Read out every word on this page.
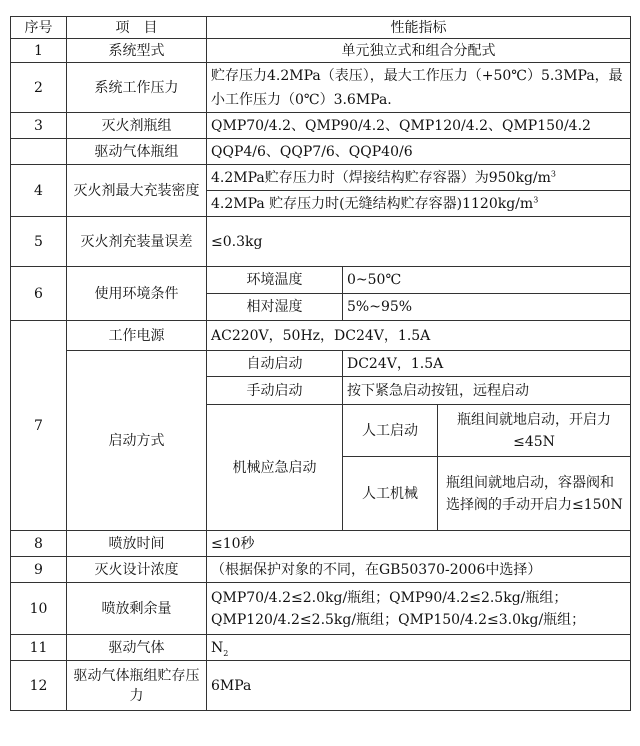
序号	项　目	性能指标		
1	系统型式	单元独立式和组合分配式		
2	系统工作压力	贮存压力4.2MPa（表压），最大工作压力（+50℃）5.3MPa，最小工作压力（0℃）3.6MPa.		
3	灭火剂瓶组	QMP70/4.2、QMP90/4.2、QMP120/4.2、QMP150/4.2		
	驱动气体瓶组	QQP4/6、QQP7/6、QQP40/6		
4	灭火剂最大充装密度	4.2MPa贮存压力时（焊接结构贮存容器）为$950kg/m^3$
		4.2MPa 贮存压力时(无缝结构贮存容器)$1120kg/m^3$
5	灭火剂充装量误差	≤0.3kg		
6	使用环境条件	环境温度	0~50℃	
		相对湿度	5%~95%	
7	工作电源	AC220V，50Hz，DC24V，1.5A		
	启动方式	自动启动	DC24V，1.5A	
		手动启动	按下紧急启动按钮，远程启动	
		机械应急启动	人工启动	瓶组间就地启动，开启力≤45N
			人工机械	瓶组间就地启动，容器阀和选择阀的手动开启力≤150N

8	喷放时间	≤10秒		
9	灭火设计浓度	（根据保护对象的不同，在GB50370-2006中选择）		
10	喷放剩余量	QMP70/4.2≤2.0kg/瓶组；QMP90/4.2≤2.5kg/瓶组；
QMP120/4.2≤2.5kg/瓶组；QMP150/4.2≤3.0kg/瓶组；		

11	驱动气体	$N_2$
12	驱动气体瓶组贮存压力	6MPa		
